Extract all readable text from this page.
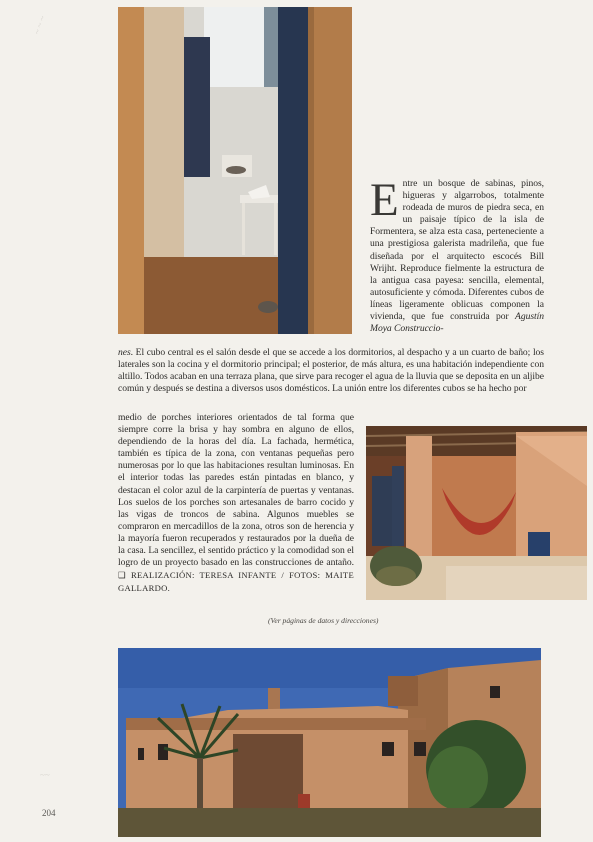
~ ~ ~
~~
Entre un bosque de sabinas, pinos, higueras y algarrobos, totalmente rodeada de muros de piedra seca, en un paisaje típico de la isla de Formentera, se alza esta casa, perteneciente a una prestigiosa galerista madrileña, que fue diseñada por el arquitecto escocés Bill Wrijht. Reproduce fielmente la estructura de la antigua casa payesa: sencilla, elemental, autosuficiente y cómoda. Diferentes cubos de líneas ligeramente oblicuas componen la vivienda, que fue construida por Agustín Moya Construccio-
nes. El cubo central es el salón desde el que se accede a los dormitorios, al despacho y a un cuarto de baño; los laterales son la cocina y el dormitorio principal; el posterior, de más altura, es una habitación independiente con altillo. Todos acaban en una terraza plana, que sirve para recoger el agua de la lluvia que se deposita en un aljibe común y después se destina a diversos usos domésticos. La unión entre los diferentes cubos se ha hecho por
medio de porches interiores orientados de tal forma que siempre corre la brisa y hay sombra en alguno de ellos, dependiendo de la horas del día. La fachada, hermética, también es típica de la zona, con ventanas pequeñas pero numerosas por lo que las habitaciones resultan luminosas. En el interior todas las paredes están pintadas en blanco, y destacan el color azul de la carpintería de puertas y ventanas. Los suelos de los porches son artesanales de barro cocido y las vigas de troncos de sabina. Algunos muebles se compraron en mercadillos de la zona, otros son de herencia y la mayoría fueron recuperados y restaurados por la dueña de la casa. La sencillez, el sentido práctico y la comodidad son el logro de un proyecto basado en las construcciones de antaño. ❑ REALIZACIÓN: TERESA INFANTE / FOTOS: MAITE GALLARDO.
(Ver páginas de datos y direcciones)
204
